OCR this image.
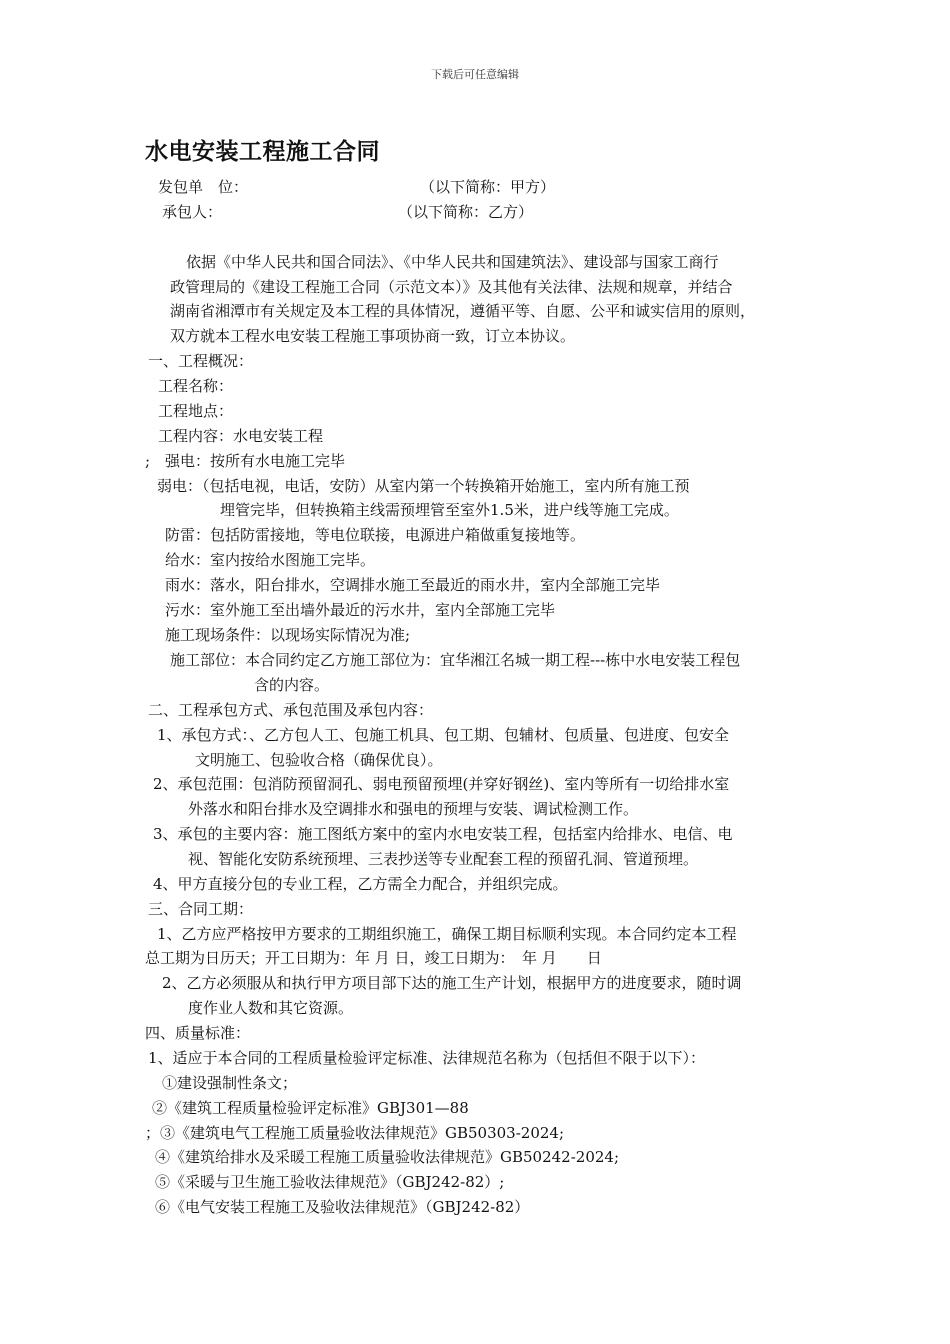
下载后可任意编辑
水电安装工程施工合同
发包单　位：	（以下简称：甲方）
承包人：	（以下简称：乙方）
依据《中华人民共和国合同法》、《中华人民共和国建筑法》、建设部与国家工商行
政管理局的《建设工程施工合同（示范文本）》及其他有关法律、法规和规章，并结合
湖南省湘潭市有关规定及本工程的具体情况，遵循平等、自愿、公平和诚实信用的原则，
双方就本工程水电安装工程施工事项协商一致，订立本协议。
一、工程概况：
工程名称：
工程地点：
工程内容：水电安装工程
;　强电：按所有水电施工完毕
弱电：（包括电视，电话，安防）从室内第一个转换箱开始施工，室内所有施工预
埋管完毕，但转换箱主线需预埋管至室外1.5米，进户线等施工完成。
防雷：包括防雷接地，等电位联接，电源进户箱做重复接地等。
给水：室内按给水图施工完毕。
雨水：落水，阳台排水，空调排水施工至最近的雨水井，室内全部施工完毕
污水：室外施工至出墙外最近的污水井，室内全部施工完毕
施工现场条件：以现场实际情况为准;
施工部位：本合同约定乙方施工部位为：宜华湘江名城一期工程---栋中水电安装工程包
含的内容。
二、工程承包方式、承包范围及承包内容：
1、承包方式：、乙方包人工、包施工机具、包工期、包辅材、包质量、包进度、包安全
文明施工、包验收合格（确保优良）。
2、承包范围：包消防预留洞孔、弱电预留预埋(并穿好钢丝)、室内等所有一切给排水室
外落水和阳台排水及空调排水和强电的预埋与安装、调试检测工作。
3、承包的主要内容：施工图纸方案中的室内水电安装工程，包括室内给排水、电信、电
视、智能化安防系统预埋、三表抄送等专业配套工程的预留孔洞、管道预埋。
4、甲方直接分包的专业工程，乙方需全力配合，并组织完成。
三、合同工期：
1、乙方应严格按甲方要求的工期组织施工，确保工期目标顺利实现。本合同约定本工程
总工期为日历天；开工日期为：年 月 日，竣工日期为：　年 月　　日
2、乙方必须服从和执行甲方项目部下达的施工生产计划，根据甲方的进度要求，随时调
度作业人数和其它资源。
四、质量标准：
1、适应于本合同的工程质量检验评定标准、法律规范名称为（包括但不限于以下）：
①建设强制性条文；
②《建筑工程质量检验评定标准》GBJ301—88
；③《建筑电气工程施工质量验收法律规范》GB50303-2024;
④《建筑给排水及采暖工程施工质量验收法律规范》GB50242-2024;
⑤《采暖与卫生施工验收法律规范》（GBJ242-82）;
⑥《电气安装工程施工及验收法律规范》（GBJ242-82）
